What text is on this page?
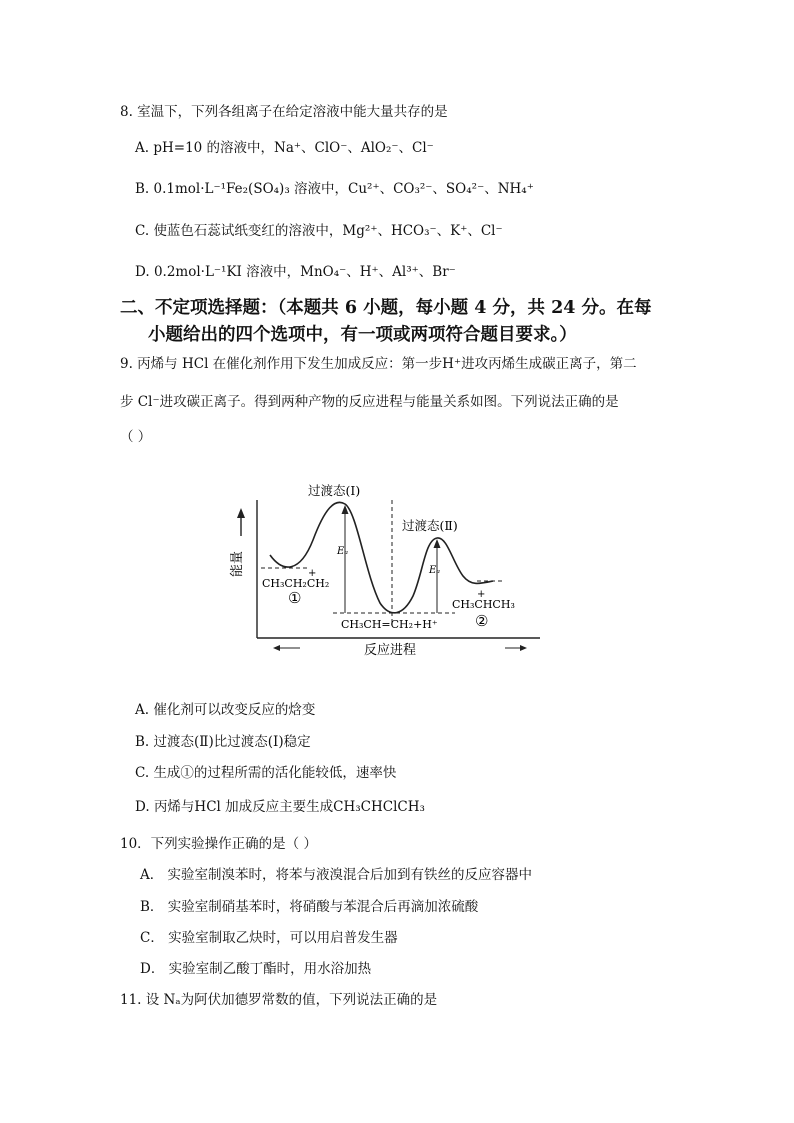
8. 室温下，下列各组离子在给定溶液中能大量共存的是
A. pH=10 的溶液中，Na⁺、ClO⁻、AlO₂⁻、Cl⁻
B. 0.1mol·L⁻¹Fe₂(SO₄)₃ 溶液中，Cu²⁺、CO₃²⁻、SO₄²⁻、NH₄⁺
C. 使蓝色石蕊试纸变红的溶液中，Mg²⁺、HCO₃⁻、K⁺、Cl⁻
D. 0.2mol·L⁻¹KI 溶液中，MnO₄⁻、H⁺、Al³⁺、Br⁻
二、不定项选择题：（本题共 6 小题，每小题 4 分，共 24 分。在每
小题给出的四个选项中，有一项或两项符合题目要求。）
9. 丙烯与 HCl 在催化剂作用下发生加成反应：第一步H⁺进攻丙烯生成碳正离子，第二
步 Cl⁻进攻碳正离子。得到两种产物的反应进程与能量关系如图。下列说法正确的是
（ ）
能量	Eₐ
Eₐ
过渡态(Ⅰ)
过渡态(Ⅱ)
+
CH₃CH₂CH₂
①
CH₃CH=CH₂+H⁺
+
CH₃CHCH₃
②
反应进程
A. 催化剂可以改变反应的焓变
B. 过渡态(Ⅱ)比过渡态(Ⅰ)稳定
C. 生成①的过程所需的活化能较低，速率快
D. 丙烯与HCl 加成反应主要生成CH₃CHClCH₃
10．下列实验操作正确的是（ ）
A． 实验室制溴苯时，将苯与液溴混合后加到有铁丝的反应容器中
B． 实验室制硝基苯时，将硝酸与苯混合后再滴加浓硫酸
C． 实验室制取乙炔时，可以用启普发生器
D． 实验室制乙酸丁酯时，用水浴加热
11. 设 Nₐ为阿伏加德罗常数的值，下列说法正确的是
